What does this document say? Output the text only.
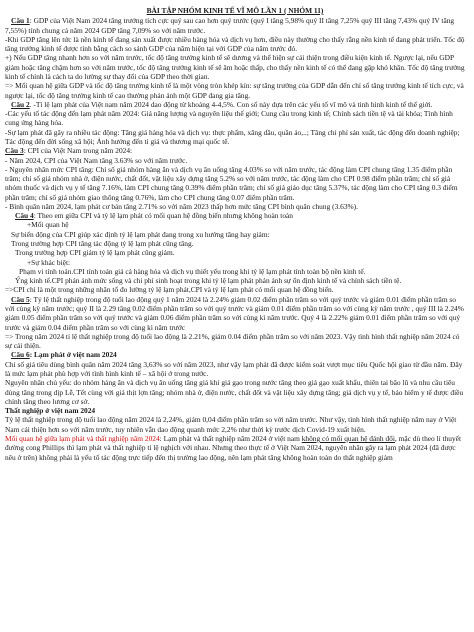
BÀI TẬP NHÓM KINH TẾ VĨ MÔ LẦN 1 ( NHÓM 11)

Câu 1: GDP của Việt Nam 2024 tăng trưởng tích cực quý sau cao hơn quý trước (quý I tăng 5,98% quý II tăng 7,25% quý III tăng 7,43% quý IV tăng 7,55%) tính chung cả năm 2024 GDP tăng 7,09% so với năm trước.

-Khi GDP tăng lên tức là nền kinh tế đang sản xuất được nhiều hàng hóa và dịch vụ hơn, điều này thường cho thấy rằng nền kinh tế đang phát triển. Tốc độ tăng trưởng kinh tế được tính bằng cách so sánh GDP của năm hiện tại với GDP của năm trước đó.

+) Nếu GDP tăng nhanh hơn so với năm trước, tốc độ tăng trưởng kinh tế sẽ dương và thể hiện sự cải thiện trong điều kiện kinh tế. Ngược lại, nếu GDP giảm hoặc tăng chậm hơn so với năm trước, tốc độ tăng trưởng kinh tế sẽ âm hoặc thấp, cho thấy nền kinh tế có thể đang gặp khó khăn. Tốc độ tăng trưởng kinh tế chính là cách ta do lường sự thay đổi của GDP theo thời gian.

=> Mối quan hệ giữa GDP và tốc độ tăng trưởng kinh tế là một vòng tròn khép kín: sự tăng trưởng của GDP dẫn đến chỉ số tăng trưởng kinh tế tích cực, và ngược lại, tốc độ tăng trưởng kinh tế cao thường phản ánh một GDP đang gia tăng.

Câu 2. -Tỉ lệ lạm phát của Việt nam năm 2024 dao động từ khoảng 4-4,5%. Con số này dựa trên các yếu tố vĩ mô và tình hình kinh tế thế giới.

-Các yếu tố tác động đến lạm phát năm 2024: Giá năng lượng và nguyên liệu thế giới; Cung cầu trong kinh tế; Chính sách tiền tệ và tài khóa; Tình hình cung ứng hàng hóa.

-Sự lạm phát đã gây ra nhiều tác động: Tăng giá hàng hóa và dịch vụ: thực phẩm, xăng dầu, quần áo,..; Tăng chi phí sản xuất, tác động đến doanh nghiệp; Tác động đến đời sống xã hội; Ảnh hưởng đến tỉ giá và thương mại quốc tế.

Câu 3: CPI của Việt Nam trong năm 2024:

- Năm 2024, CPI của Việt Nam tăng 3.63% so với năm trước.

- Nguyên nhân mức CPI tăng: Chỉ số giá nhóm hàng ăn và dịch vụ ăn uống tăng 4.03% so với năm trước, tác động làm CPI chung tăng 1.35 điểm phần trăm; chỉ số giá nhóm nhà ở, điện nước, chất đốt, vật liệu xây dựng tăng 5.2% so với năm trước, tác động làm cho CPI 0.98 điểm phần trăm; chỉ số giá nhóm thuốc và dịch vụ y tế tăng 7.16%, làm CPI chung tăng 0.39% điểm phần trăm; chỉ số giá giáo dục tăng 5.37%, tác động làm cho CPI tăng 0.3 điểm phần trăm; chỉ số giá nhóm giao thông tăng 0.76%, làm cho CPI chung tăng 0.07 điểm phần trăm.

- Bình quân năm 2024, lạm phát cơ bản tăng 2.71% so với năm 2023 thấp hơn mức tăng CPI bình quân chung (3.63%).

Câu 4: Theo em giữa CPI và tỷ lệ lạm phát có mối quan hệ đồng biến nhưng không hoàn toàn

+Mối quan hệ

Sự biến động của CPI giúp xác định tỷ lệ lạm phát đang trong xu hướng tăng hay giảm:

Trong trường hợp CPI tăng tác động tỷ lệ lạm phát cũng tăng.

Trong trường hợp CPI giảm tỷ lệ lạm phát cũng giảm.

+Sự khác biệt:

Phạm vi tính toán.CPI tính toán giá cả hàng hóa và dịch vụ thiết yếu trong khi tỷ lệ lạm phát tính toàn bộ nền kinh tế.

Ý̀ng kinh tế.CPI phản ánh mức sống và chi phí sinh hoạt trong khi tỷ lệ lạm phát phản ánh sự ổn định kinh tế và chính sách tiền tệ.

=>CPI chỉ là một trong những nhân tố đo lường tỷ lệ lạm phát,CPI và tỷ lệ lạm phát có mối quan hệ đồng biến.

Câu 5: Tỷ lệ thất nghiệp trong độ tuổi lao động quý 1 năm 2024 là 2.24% giảm 0.02 điểm phần trăm so với quý trước và giảm 0.01 điểm phần trăm so với cùng kỳ năm trước; quý II là 2.29 tăng 0.02 điểm phần trăm so với quý trước và giảm 0.01 điểm phần trăm so với cùng kỳ năm trước , quý III là 2.24% giảm 0.05 điểm phần trăm so với quý trước và giảm 0.06 điểm phần trăm so với cùng kì năm trước. Quý 4 là 2.22% giảm 0.01 điểm phần trăm so với quý trước và giảm 0.04 điểm phần trăm so với cùng kì năm trước

=> Trong năm 2024 tỉ lệ thất nghiệp trong độ tuổi lao động là 2.21%, giảm 0.04 điểm phần trăm so với năm 2023. Vậy tình hình thất nghiệp năm 2024 có sự cải thiện.

Câu 6: Lạm phát ở việt nam 2024

Chỉ số giá tiêu dùng bình quân năm 2024 tăng 3,63% so với năm 2023, như vậy lạm phát đã được kiểm soát vượt mục tiêu Quốc hội giao từ đầu năm. Đây là mức lạm phát phù hợp với tình hình kinh tế – xã hội ở trong nước.

Nguyên nhân chủ yếu: do nhóm hàng ăn và dịch vụ ăn uống tăng giá khi giá gạo trong nước tăng theo giá gạo xuất khẩu, thiên tai bão lũ và nhu cầu tiêu dùng tăng trong dịp Lễ, Tết cùng với giá thịt lợn tăng; nhóm nhà ở, điện nước, chất đốt và vật liệu xây dựng tăng; giá dịch vụ y tế, bảo hiểm y tế được điều chỉnh tăng theo lương cơ sở.

Thất nghiệp ở việt nam 2024

Tỷ lệ thất nghiệp trong độ tuổi lao động năm 2024 là 2,24%, giảm 0,04 điểm phần trăm so với năm trước. Như vậy, tình hình thất nghiệp năm nay ở Việt Nam cải thiện hơn so với năm trước, tuy nhiên vẫn dao động quanh mức 2,2% như thời kỳ trước dịch Covid-19 xuất hiện.

Mối quan hệ giữa lạm phát và thất nghiệp năm 2024: Lạm phát và thất nghiệp năm 2024 ở việt nam không có mối quan hệ đánh đổi, mặc dù theo lí thuyết đường cong Phillips thì lạm phát và thất nghiệp tỉ lệ nghịch với nhau. Nhưng theo thực tế ở Việt Nam 2024, nguyên nhân gây ra lạm phát 2024 (đã được nêu ở trên) không phải là yếu tố tác động trực tiếp đến thị trường lao động, nên lạm phát tăng không hoàn toàn do thất nghiệp giảm
